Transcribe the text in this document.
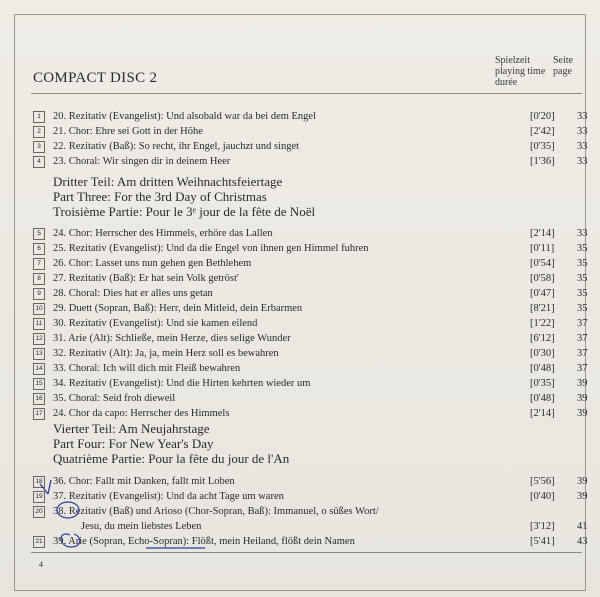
COMPACT DISC 2
Spielzeit
playing time
durée
Seite
page
1	20. Rezitativ (Evangelist): Und alsobald war da bei dem Engel	[0'20] 33
2	21. Chor: Ehre sei Gott in der Höhe	[2'42] 33
3	22. Rezitativ (Baß): So recht, ihr Engel, jauchzt und singet	[0'35] 33
4	23. Choral: Wir singen dir in deinem Heer	[1'36] 33
Dritter Teil: Am dritten Weihnachtsfeiertage
Part Three: For the 3rd Day of Christmas
Troisième Partie: Pour le 3ᵉ jour de la fête de Noël
5	24. Chor: Herrscher des Himmels, erhöre das Lallen	[2'14] 33
6	25. Rezitativ (Evangelist): Und da die Engel von ihnen gen Himmel fuhren	[0'11] 35
7	26. Chor: Lasset uns nun gehen gen Bethlehem	[0'54] 35
8	27. Rezitativ (Baß): Er hat sein Volk getröst'	[0'58] 35
9	28. Choral: Dies hat er alles uns getan	[0'47] 35
10 29. Duett (Sopran, Baß): Herr, dein Mitleid, dein Erbarmen	[8'21] 35
11 30. Rezitativ (Evangelist): Und sie kamen eilend	[1'22] 37
12 31. Arie (Alt): Schließe, mein Herze, dies selige Wunder	[6'12] 37
13 32. Rezitativ (Alt): Ja, ja, mein Herz soll es bewahren	[0'30] 37
14 33. Choral: Ich will dich mit Fleiß bewahren	[0'48] 37
15 34. Rezitativ (Evangelist): Und die Hirten kehrten wieder um	[0'35] 39
16 35. Choral: Seid froh dieweil	[0'48] 39
17 24. Chor da capo: Herrscher des Himmels	[2'14] 39
Vierter Teil: Am Neujahrstage
Part Four: For New Year's Day
Quatrième Partie: Pour la fête du jour de l'An
18 36. Chor: Fallt mit Danken, fallt mit Loben	[5'56] 39
19 37. Rezitativ (Evangelist): Und da acht Tage um waren	[0'40] 39
20 38. Rezitativ (Baß) und Arioso (Chor-Sopran, Baß): Immanuel, o süßes Wort/
Jesu, du mein liebstes Leben	[3'12] 41
21 39. Arie (Sopran, Echo-Sopran): Flößt, mein Heiland, flößt dein Namen	[5'41] 43
4
